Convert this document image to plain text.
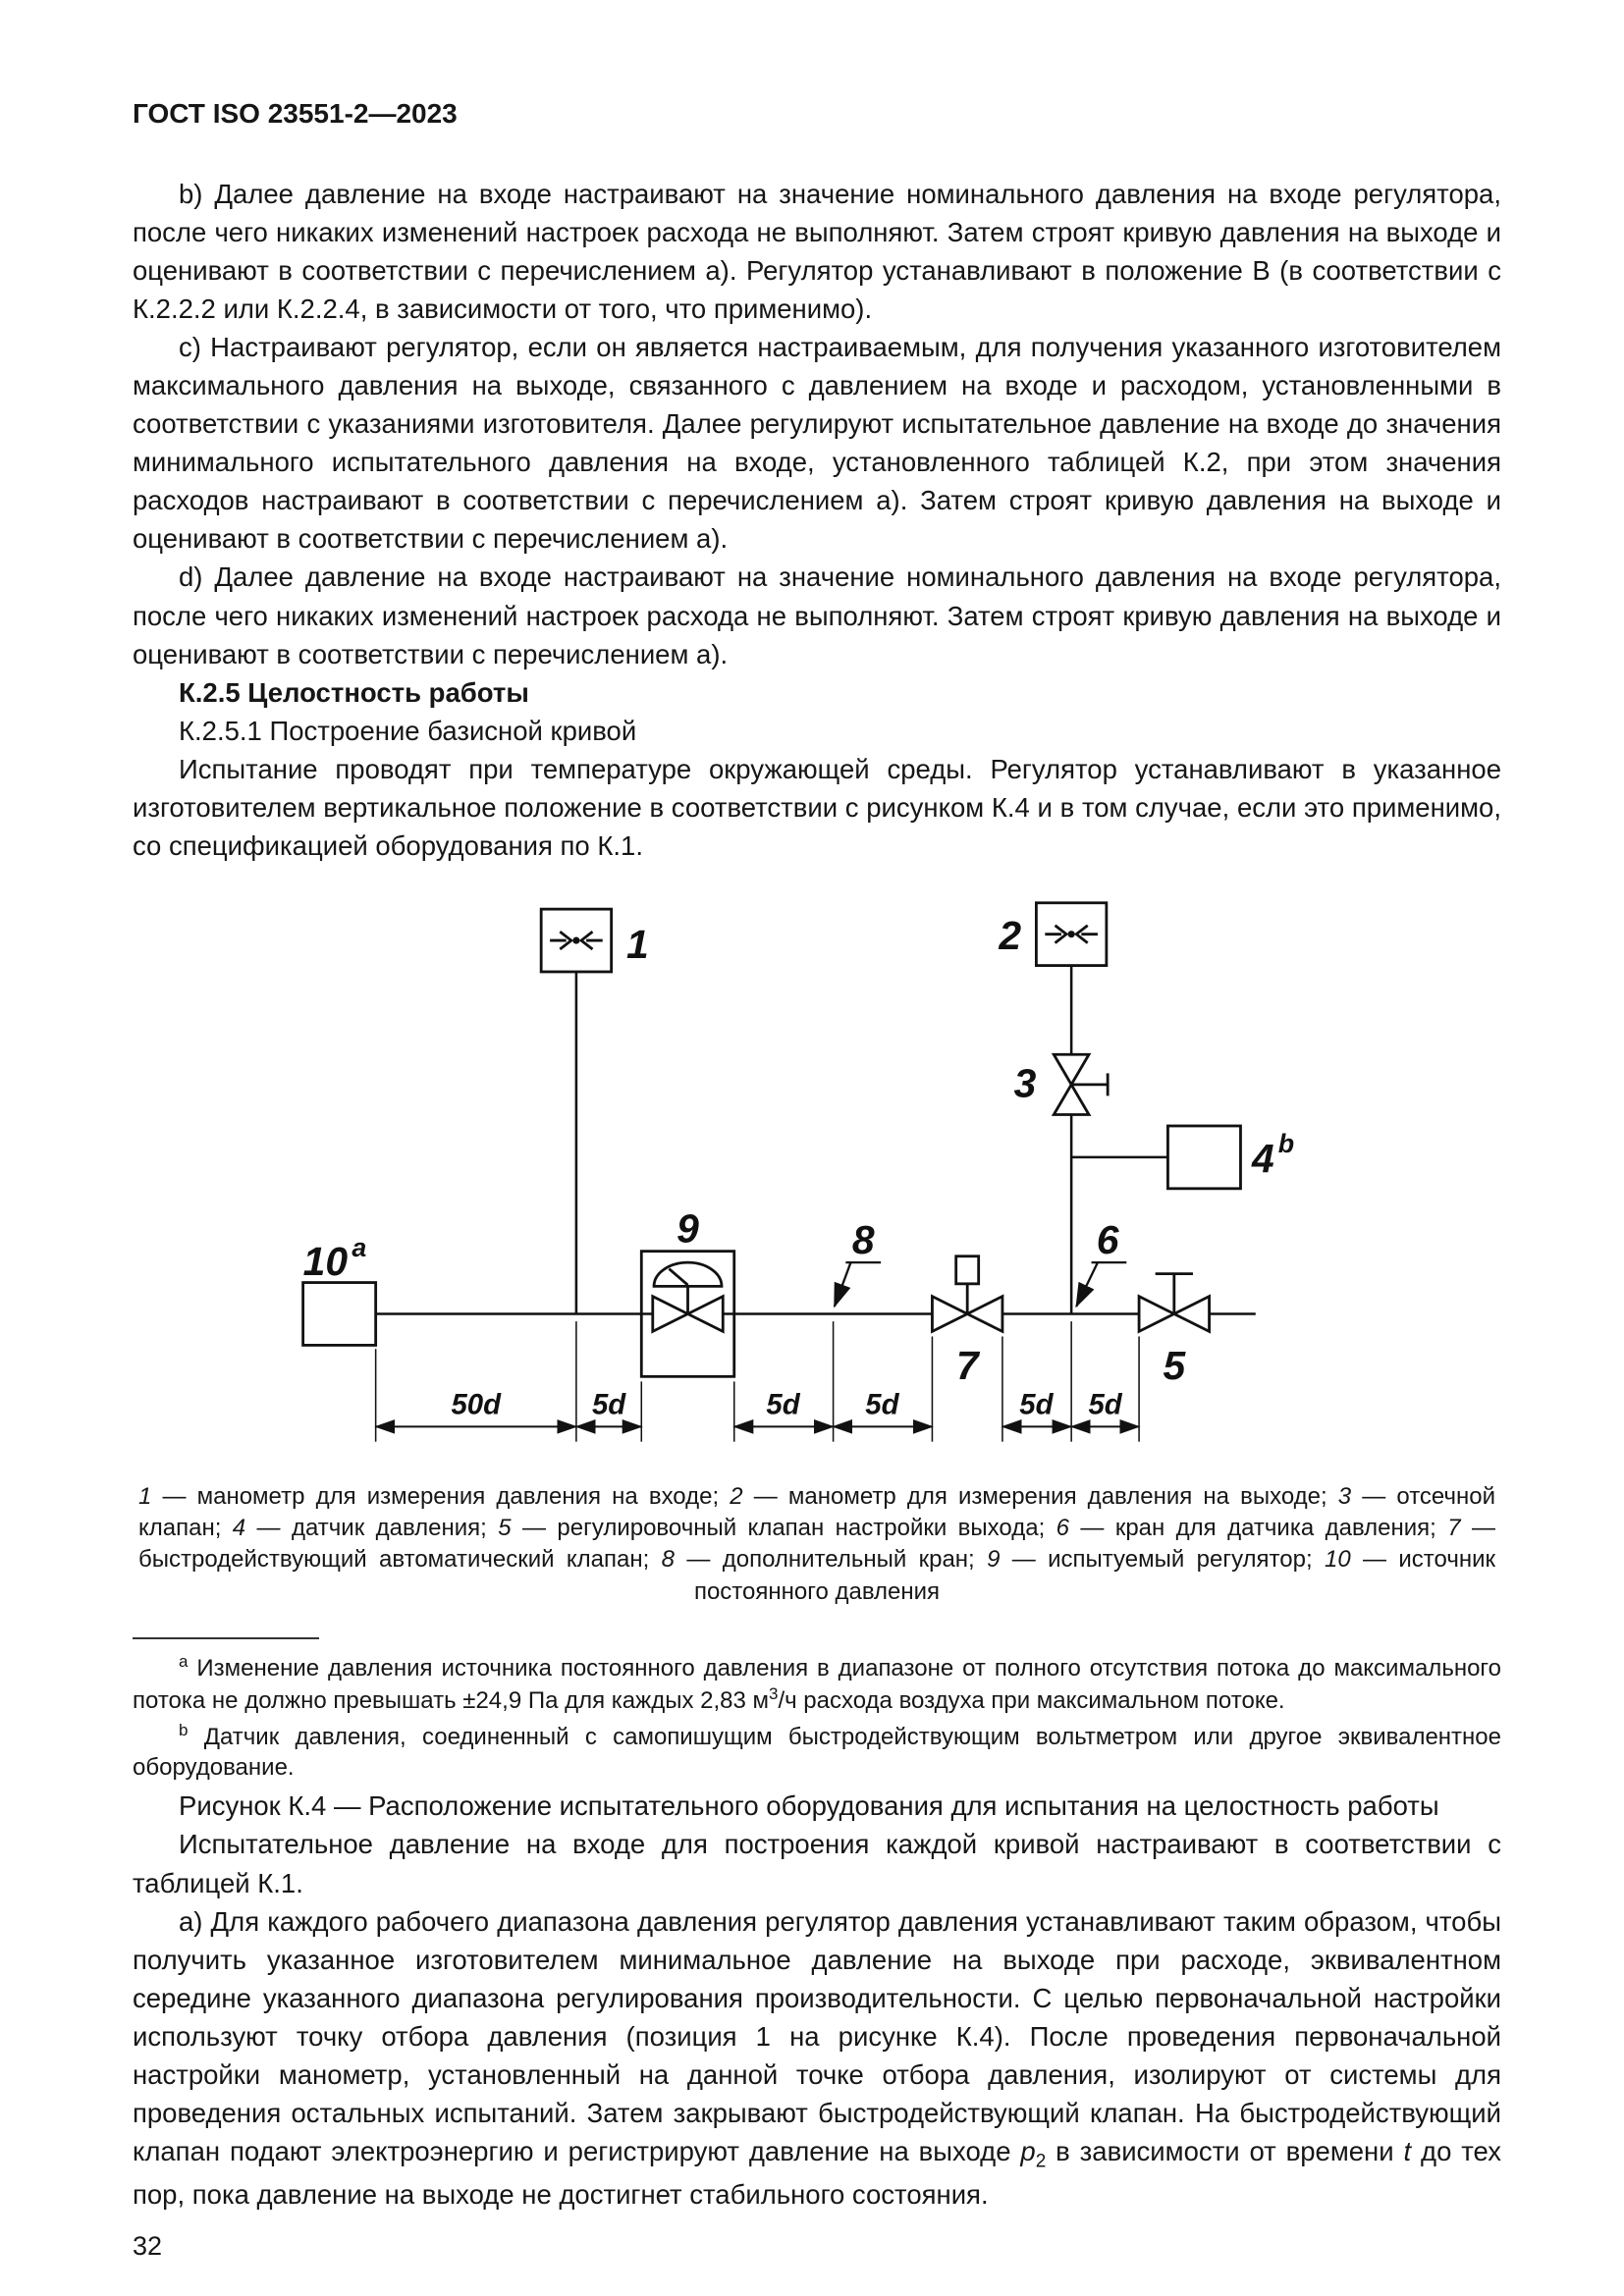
ГОСТ ISO 23551-2—2023

b) Далее давление на входе настраивают на значение номинального давления на входе регулятора, после чего никаких изменений настроек расхода не выполняют. Затем строят кривую давления на выходе и оценивают в соответствии с перечислением а). Регулятор устанавливают в положение В (в соответствии с К.2.2.2 или К.2.2.4, в зависимости от того, что применимо).

c) Настраивают регулятор, если он является настраиваемым, для получения указанного изготовителем максимального давления на выходе, связанного с давлением на входе и расходом, установленными в соответствии с указаниями изготовителя. Далее регулируют испытательное давление на входе до значения минимального испытательного давления на входе, установленного таблицей К.2, при этом значения расходов настраивают в соответствии с перечислением а). Затем строят кривую давления на выходе и оценивают в соответствии с перечислением а).

d) Далее давление на входе настраивают на значение номинального давления на входе регулятора, после чего никаких изменений настроек расхода не выполняют. Затем строят кривую давления на выходе и оценивают в соответствии с перечислением а).

К.2.5 Целостность работы

К.2.5.1 Построение базисной кривой

Испытание проводят при температуре окружающей среды. Регулятор устанавливают в указанное изготовителем вертикальное положение в соответствии с рисунком К.4 и в том случае, если это применимо, со спецификацией оборудования по К.1.

50d	5d	5d	5d	5d 5d
1	2
3
4 b
5
6
7
8
9
10 а

1 — манометр для измерения давления на входе; 2 — манометр для измерения давления на выходе; 3 — отсечной клапан; 4 — датчик давления; 5 — регулировочный клапан настройки выхода; 6 — кран для датчика давления; 7 — быстродействующий автоматический клапан; 8 — дополнительный кран; 9 — испытуемый регулятор; 10 — источник постоянного давления

$^а$ Изменение давления источника постоянного давления в диапазоне от полного отсутствия потока до максимального потока не должно превышать ±24,9 Па для каждых 2,83 $м^3/ч$ расхода воздуха при максимальном потоке.

$^b$ Датчик давления, соединенный с самопишущим быстродействующим вольтметром или другое эквивалентное оборудование.

Рисунок К.4 — Расположение испытательного оборудования для испытания на целостность работы

Испытательное давление на входе для построения каждой кривой настраивают в соответствии с таблицей К.1.

а) Для каждого рабочего диапазона давления регулятор давления устанавливают таким образом, чтобы получить указанное изготовителем минимальное давление на выходе при расходе, эквивалентном середине указанного диапазона регулирования производительности. С целью первоначальной настройки используют точку отбора давления (позиция 1 на рисунке К.4). После проведения первоначальной настройки манометр, установленный на данной точке отбора давления, изолируют от системы для проведения остальных испытаний. Затем закрывают быстродействующий клапан. На быстродействующий клапан подают электроэнергию и регистрируют давление на выходе $p_2$ в зависимости от времени t до тех пор, пока давление на выходе не достигнет стабильного состояния.

32
